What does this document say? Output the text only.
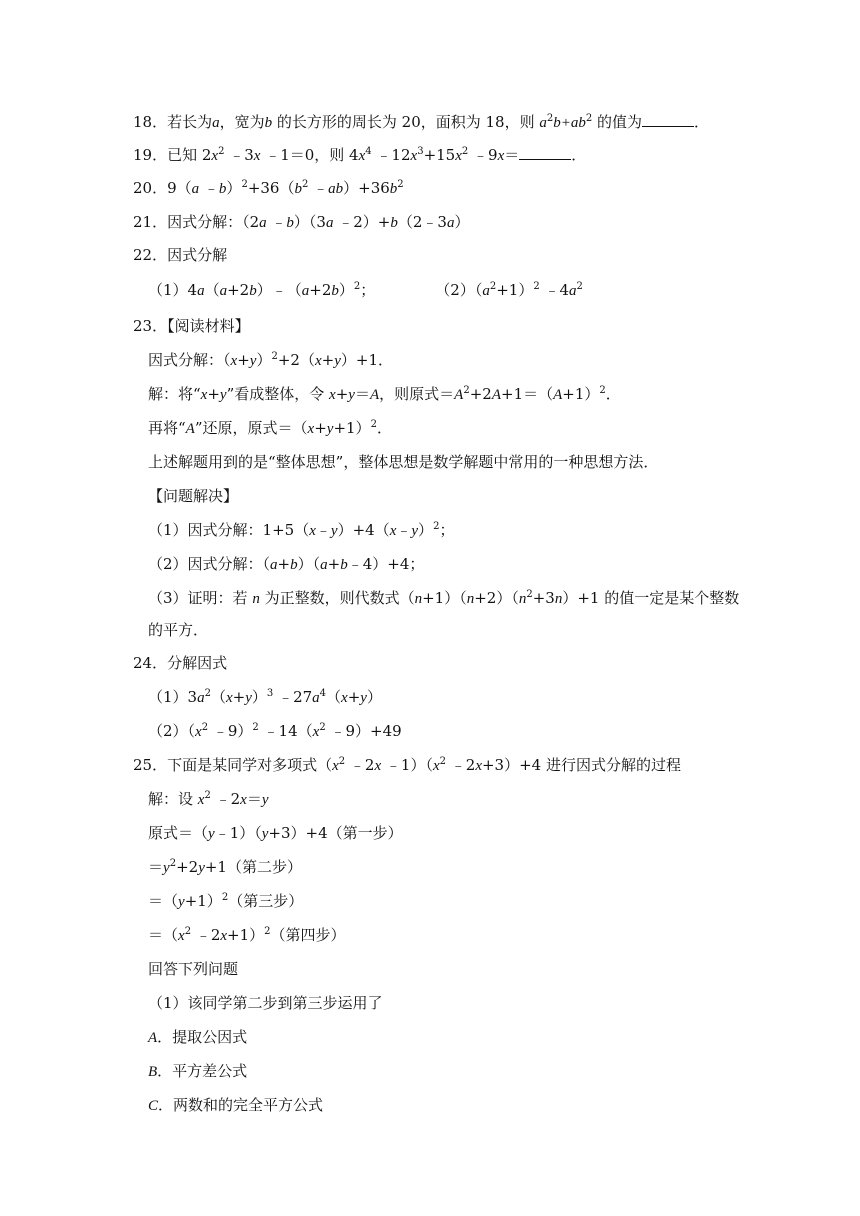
18．若长为a，宽为b 的长方形的周长为 20，面积为 18，则 $a^2b+ab^2$ 的值为	．
19．已知 $2x^2$ ﹣3x ﹣1＝0，则 $4x^4$ $﹣12x^3+15x^2$ ﹣9x＝	．
20．9（a $﹣b)^2+36(b^2$ $﹣ab)+36b^2$
21．因式分解：（2a ﹣b）（3a ﹣2）+b（2﹣3a）
22．因式分解
$(1)4a(a+2b)﹣(a+2b)^2$；	$(2)(a^2+1)^2$ $﹣4a^2$
23．【阅读材料】
因式分解：$(x+y)^2+2(x+y)+1$．
解：将“x+y”看成整体，令 x+y＝A，则原式$=A^2+2A+1=(A+1)^2$．
再将“A”还原，原式$=(x+y+1)^2$．
上述解题用到的是“整体思想”，整体思想是数学解题中常用的一种思想方法．
【问题解决】
（1）因式分解：1+5（x﹣y）+4（x﹣y）$^2$；
（2）因式分解：（a+b）（a+b﹣4）+4；
（3）证明：若 n 为正整数，则代数式$(n+1)(n+2)(n^2+3n)+1$ 的值一定是某个整数
的平方．
24．分解因式
$(1)3a^2(x+y)^3$ $﹣27a^4(x+y)$
$(2)(x^2$ ﹣9）$^2$ $﹣14(x^2$ ﹣9）+49
25．下面是某同学对多项式（$x^2$ ﹣2x $﹣1)(x^2$ ﹣2x+3）+4 进行因式分解的过程
解：设 $x^2$ ﹣2x＝y
原式＝（y﹣1）（y+3）+4（第一步）
$=y^2+2y+1$（第二步）
$=(y+1)^2$（第三步）
$=(x^2$ ﹣2x+1）$^2$（第四步）
回答下列问题
（1）该同学第二步到第三步运用了
A．提取公因式
B．平方差公式
C．两数和的完全平方公式
